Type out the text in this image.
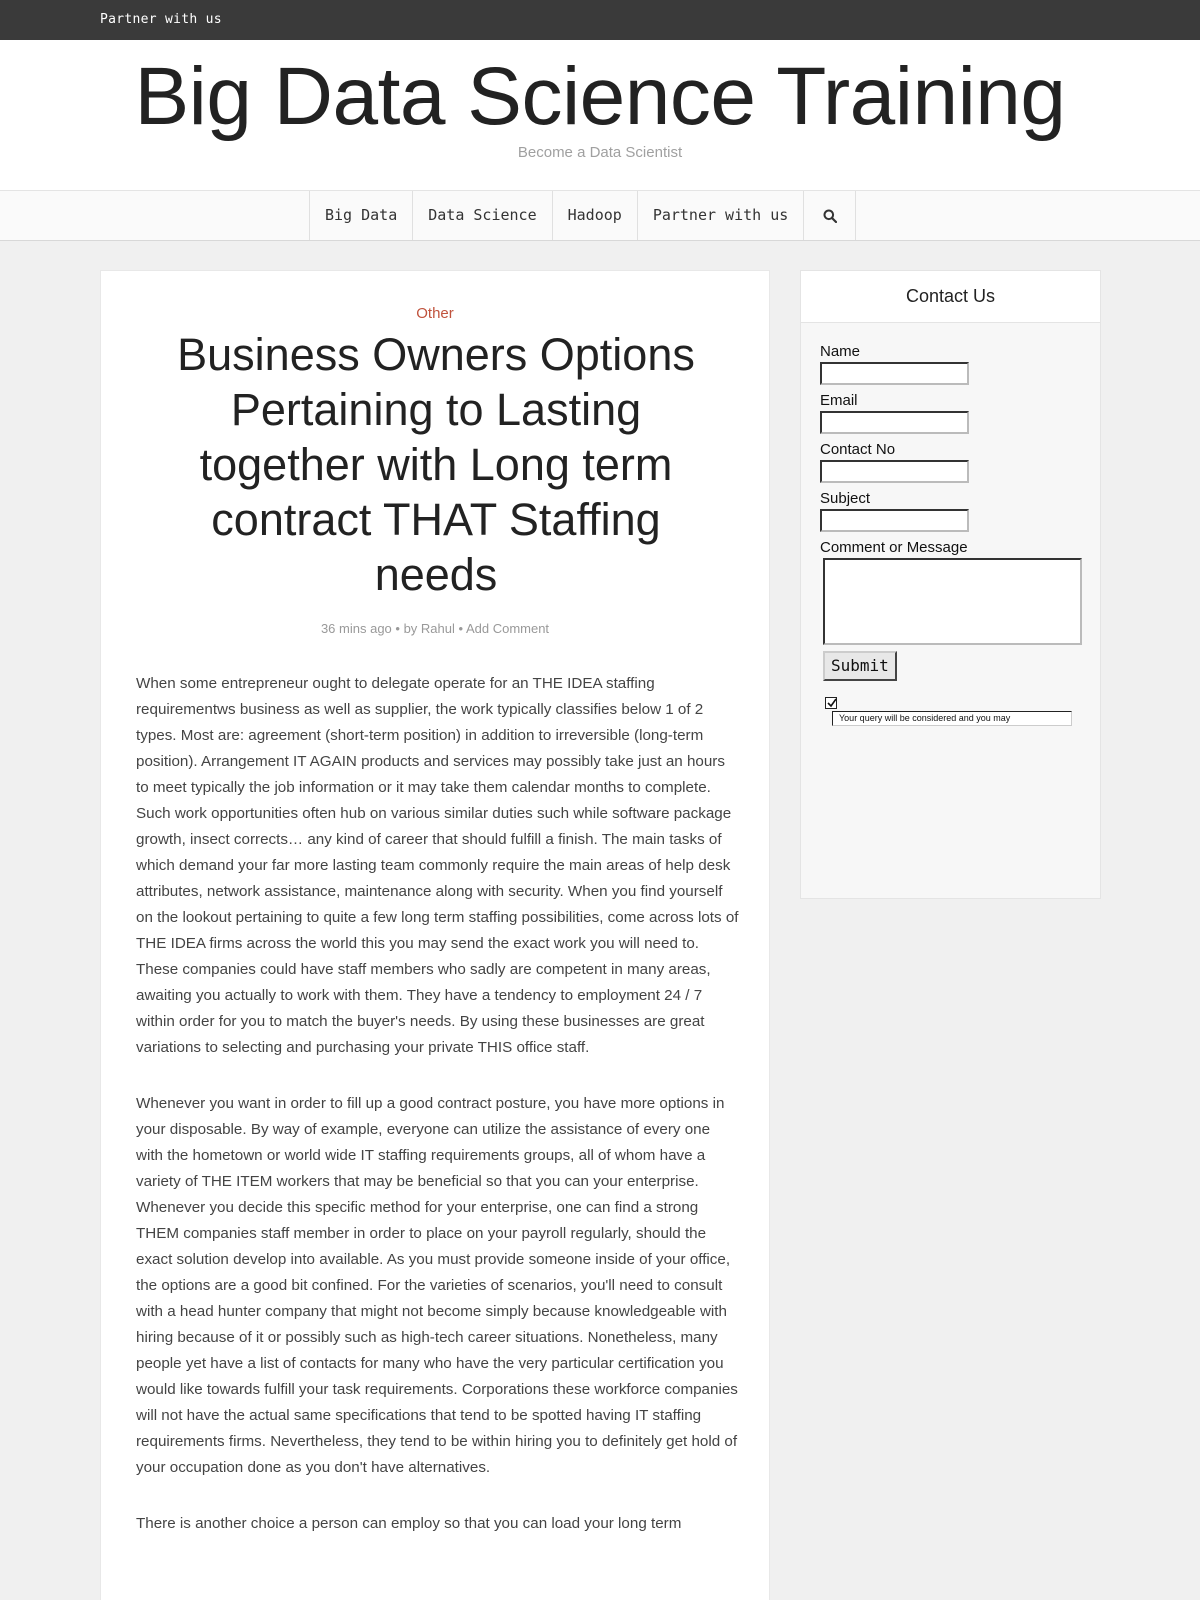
Partner with us
Big Data Science Training
Become a Data Scientist
Big Data	Data Science	Hadoop	Partner with us
Other
Business Owners Options Pertaining to Lasting together with Long term contract THAT Staffing needs
36 mins ago • by Rahul • Add Comment

When some entrepreneur ought to delegate operate for an THE IDEA staffing requirementws business as well as supplier, the work typically classifies below 1 of 2 types. Most are: agreement (short-term position) in addition to irreversible (long-term position). Arrangement IT AGAIN products and services may possibly take just an hours to meet typically the job information or it may take them calendar months to complete. Such work opportunities often hub on various similar duties such while software package growth, insect corrects… any kind of career that should fulfill a finish. The main tasks of which demand your far more lasting team commonly require the main areas of help desk attributes, network assistance, maintenance along with security. When you find yourself on the lookout pertaining to quite a few long term staffing possibilities, come across lots of THE IDEA firms across the world this you may send the exact work you will need to. These companies could have staff members who sadly are competent in many areas, awaiting you actually to work with them. They have a tendency to employment 24 / 7 within order for you to match the buyer's needs. By using these businesses are great variations to selecting and purchasing your private THIS office staff.

Whenever you want in order to fill up a good contract posture, you have more options in your disposable. By way of example, everyone can utilize the assistance of every one with the hometown or world wide IT staffing requirements groups, all of whom have a variety of THE ITEM workers that may be beneficial so that you can your enterprise. Whenever you decide this specific method for your enterprise, one can find a strong THEM companies staff member in order to place on your payroll regularly, should the exact solution develop into available. As you must provide someone inside of your office, the options are a good bit confined. For the varieties of scenarios, you'll need to consult with a head hunter company that might not become simply because knowledgeable with hiring because of it or possibly such as high-tech career situations. Nonetheless, many people yet have a list of contacts for many who have the very particular certification you would like towards fulfill your task requirements. Corporations these workforce companies will not have the actual same specifications that tend to be spotted having IT staffing requirements firms. Nevertheless, they tend to be within hiring you to definitely get hold of your occupation done as you don't have alternatives.

There is another choice a person can employ so that you can load your long term

Contact Us
Name
Email
Contact No
Subject
Comment or Message
Submit
Your query will be considered and you may
